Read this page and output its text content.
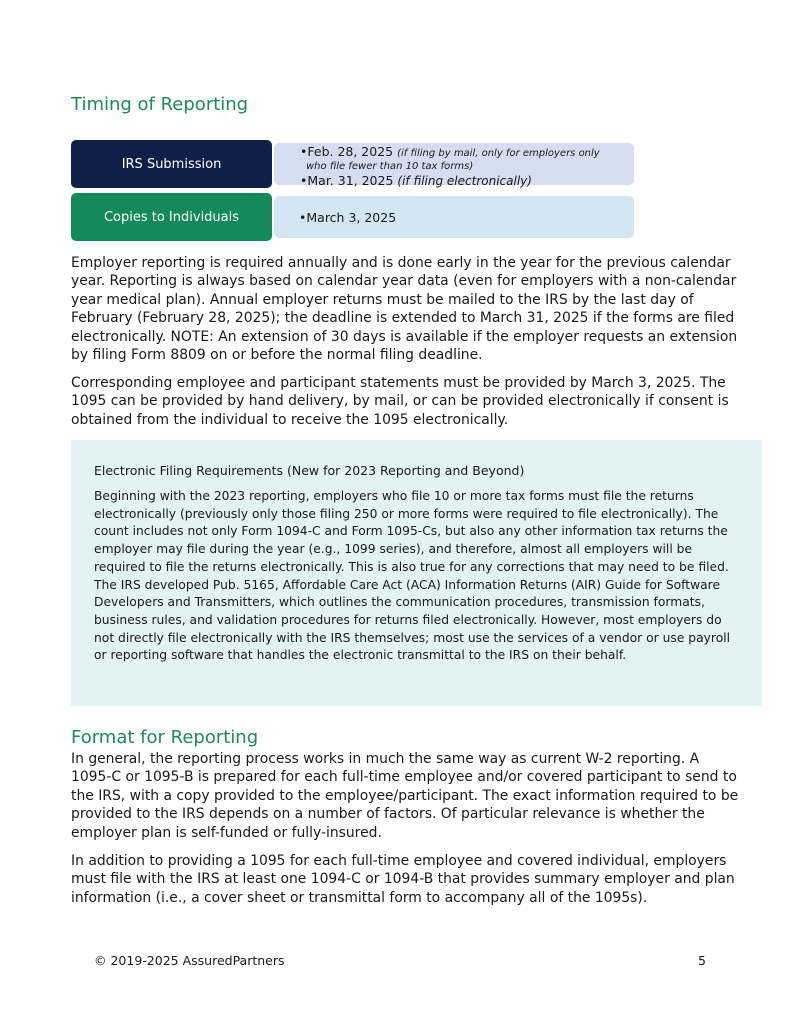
Timing of Reporting
IRS Submission
•Feb. 28, 2025 (if filing by mail, only for employers only
who file fewer than 10 tax forms)
•Mar. 31, 2025 (if filing electronically)
Copies to Individuals	•March 3, 2025

Employer reporting is required annually and is done early in the year for the previous calendar year. Reporting is always based on calendar year data (even for employers with a non-calendar year medical plan). Annual employer returns must be mailed to the IRS by the last day of February (February 28, 2025); the deadline is extended to March 31, 2025 if the forms are filed electronically. NOTE: An extension of 30 days is available if the employer requests an extension by filing Form 8809 on or before the normal filing deadline.

Corresponding employee and participant statements must be provided by March 3, 2025. The 1095 can be provided by hand delivery, by mail, or can be provided electronically if consent is obtained from the individual to receive the 1095 electronically.

Electronic Filing Requirements (New for 2023 Reporting and Beyond)

Beginning with the 2023 reporting, employers who file 10 or more tax forms must file the returns electronically (previously only those filing 250 or more forms were required to file electronically). The count includes not only Form 1094-C and Form 1095-Cs, but also any other information tax returns the employer may file during the year (e.g., 1099 series), and therefore, almost all employers will be required to file the returns electronically. This is also true for any corrections that may need to be filed. The IRS developed Pub. 5165, Affordable Care Act (ACA) Information Returns (AIR) Guide for Software Developers and Transmitters, which outlines the communication procedures, transmission formats, business rules, and validation procedures for returns filed electronically. However, most employers do not directly file electronically with the IRS themselves; most use the services of a vendor or use payroll or reporting software that handles the electronic transmittal to the IRS on their behalf.

Format for Reporting

In general, the reporting process works in much the same way as current W-2 reporting. A 1095-C or 1095-B is prepared for each full-time employee and/or covered participant to send to the IRS, with a copy provided to the employee/participant. The exact information required to be provided to the IRS depends on a number of factors. Of particular relevance is whether the employer plan is self-funded or fully-insured.

In addition to providing a 1095 for each full-time employee and covered individual, employers must file with the IRS at least one 1094-C or 1094-B that provides summary employer and plan information (i.e., a cover sheet or transmittal form to accompany all of the 1095s).

© 2019-2025 AssuredPartners	5
